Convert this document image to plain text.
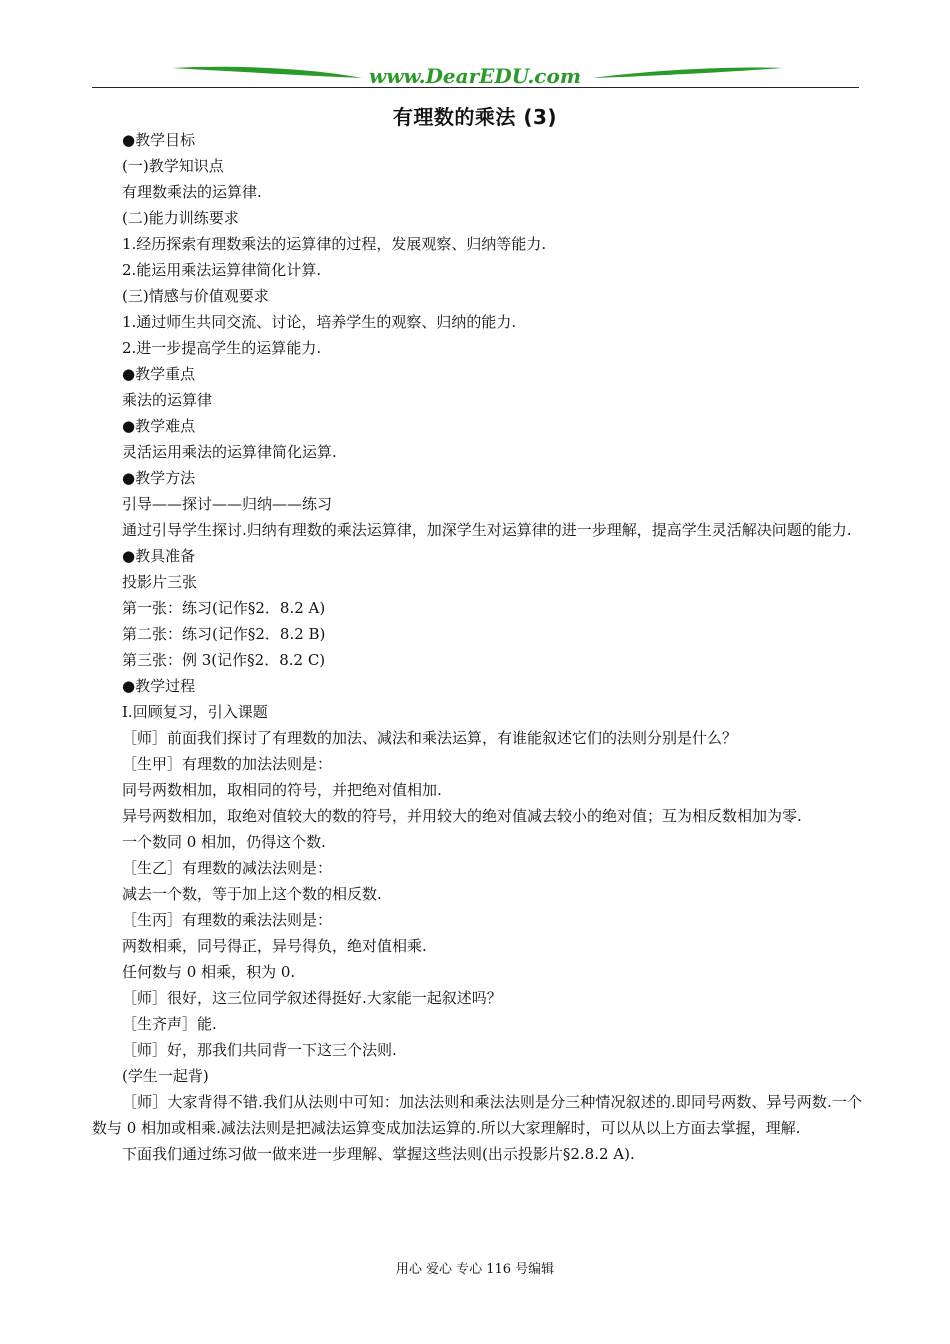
www.DearEDU.com
有理数的乘法 (3)
●教学目标
(一)教学知识点
有理数乘法的运算律.
(二)能力训练要求
1.经历探索有理数乘法的运算律的过程，发展观察、归纳等能力.
2.能运用乘法运算律简化计算.
(三)情感与价值观要求
1.通过师生共同交流、讨论，培养学生的观察、归纳的能力.
2.进一步提高学生的运算能力.
●教学重点
乘法的运算律
●教学难点
灵活运用乘法的运算律简化运算.
●教学方法
引导——探讨——归纳——练习
通过引导学生探讨.归纳有理数的乘法运算律，加深学生对运算律的进一步理解，提高学生灵活解决问题的能力.
●教具准备
投影片三张
第一张：练习(记作§2．8.2 A)
第二张：练习(记作§2．8.2 B)
第三张：例 3(记作§2．8.2 C)
●教学过程
Ⅰ.回顾复习，引入课题
［师］前面我们探讨了有理数的加法、减法和乘法运算，有谁能叙述它们的法则分别是什么？
［生甲］有理数的加法法则是：
同号两数相加，取相同的符号，并把绝对值相加.
异号两数相加，取绝对值较大的数的符号，并用较大的绝对值减去较小的绝对值；互为相反数相加为零.
一个数同 0 相加，仍得这个数.
［生乙］有理数的减法法则是：
减去一个数，等于加上这个数的相反数.
［生丙］有理数的乘法法则是：
两数相乘，同号得正，异号得负，绝对值相乘.
任何数与 0 相乘，积为 0.
［师］很好，这三位同学叙述得挺好.大家能一起叙述吗？
［生齐声］能.
［师］好，那我们共同背一下这三个法则.
(学生一起背)
［师］大家背得不错.我们从法则中可知：加法法则和乘法法则是分三种情况叙述的.即同号两数、异号两数.一个数与 0 相加或相乘.减法法则是把减法运算变成加法运算的.所以大家理解时，可以从以上方面去掌握，理解.
下面我们通过练习做一做来进一步理解、掌握这些法则(出示投影片§2.8.2 A).
用心 爱心 专心 116 号编辑
